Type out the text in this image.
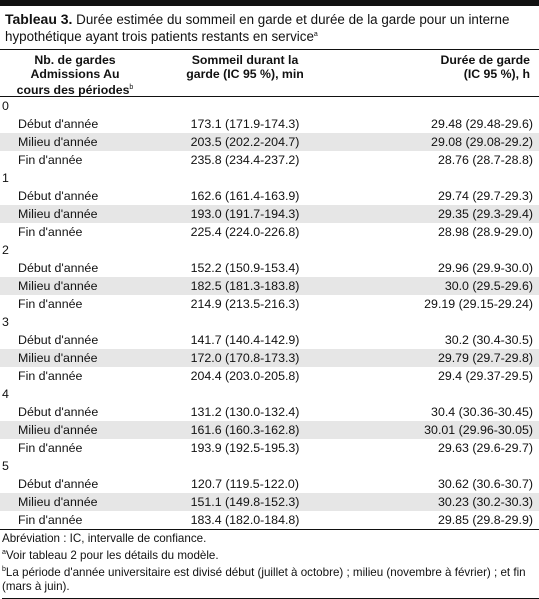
Tableau 3. Durée estimée du sommeil en garde et durée de la garde pour un interne hypothétique ayant trois patients restants en service$^a$
Nb. de gardes
Admissions Au
cours des périodes$^b$
Sommeil durant la
garde (IC 95 %), min
Durée de garde
(IC 95 %), h
0
Début d'année	173.1 (171.9-174.3)	29.48 (29.48-29.6)
Milieu d'année	203.5 (202.2-204.7)	29.08 (29.08-29.2)
Fin d'année	235.8 (234.4-237.2)	28.76 (28.7-28.8)
1
Début d'année	162.6 (161.4-163.9)	29.74 (29.7-29.3)
Milieu d'année	193.0 (191.7-194.3)	29.35 (29.3-29.4)
Fin d'année	225.4 (224.0-226.8)	28.98 (28.9-29.0)
2
Début d'année	152.2 (150.9-153.4)	29.96 (29.9-30.0)
Milieu d'année	182.5 (181.3-183.8)	30.0 (29.5-29.6)
Fin d'année	214.9 (213.5-216.3)	29.19 (29.15-29.24)
3
Début d'année	141.7 (140.4-142.9)	30.2 (30.4-30.5)
Milieu d'année	172.0 (170.8-173.3)	29.79 (29.7-29.8)
Fin d'année	204.4 (203.0-205.8)	29.4 (29.37-29.5)
4
Début d'année	131.2 (130.0-132.4)	30.4 (30.36-30.45)
Milieu d'année	161.6 (160.3-162.8)	30.01 (29.96-30.05)
Fin d'année	193.9 (192.5-195.3)	29.63 (29.6-29.7)
5
Début d'année	120.7 (119.5-122.0)	30.62 (30.6-30.7)
Milieu d'année	151.1 (149.8-152.3)	30.23 (30.2-30.3)
Fin d'année	183.4 (182.0-184.8)	29.85 (29.8-29.9)
Abréviation : IC, intervalle de confiance.
$^a$Voir tableau 2 pour les détails du modèle.
$^b$La période d'année universitaire est divisé début (juillet à octobre) ; milieu (novembre à février) ; et fin (mars à juin).
